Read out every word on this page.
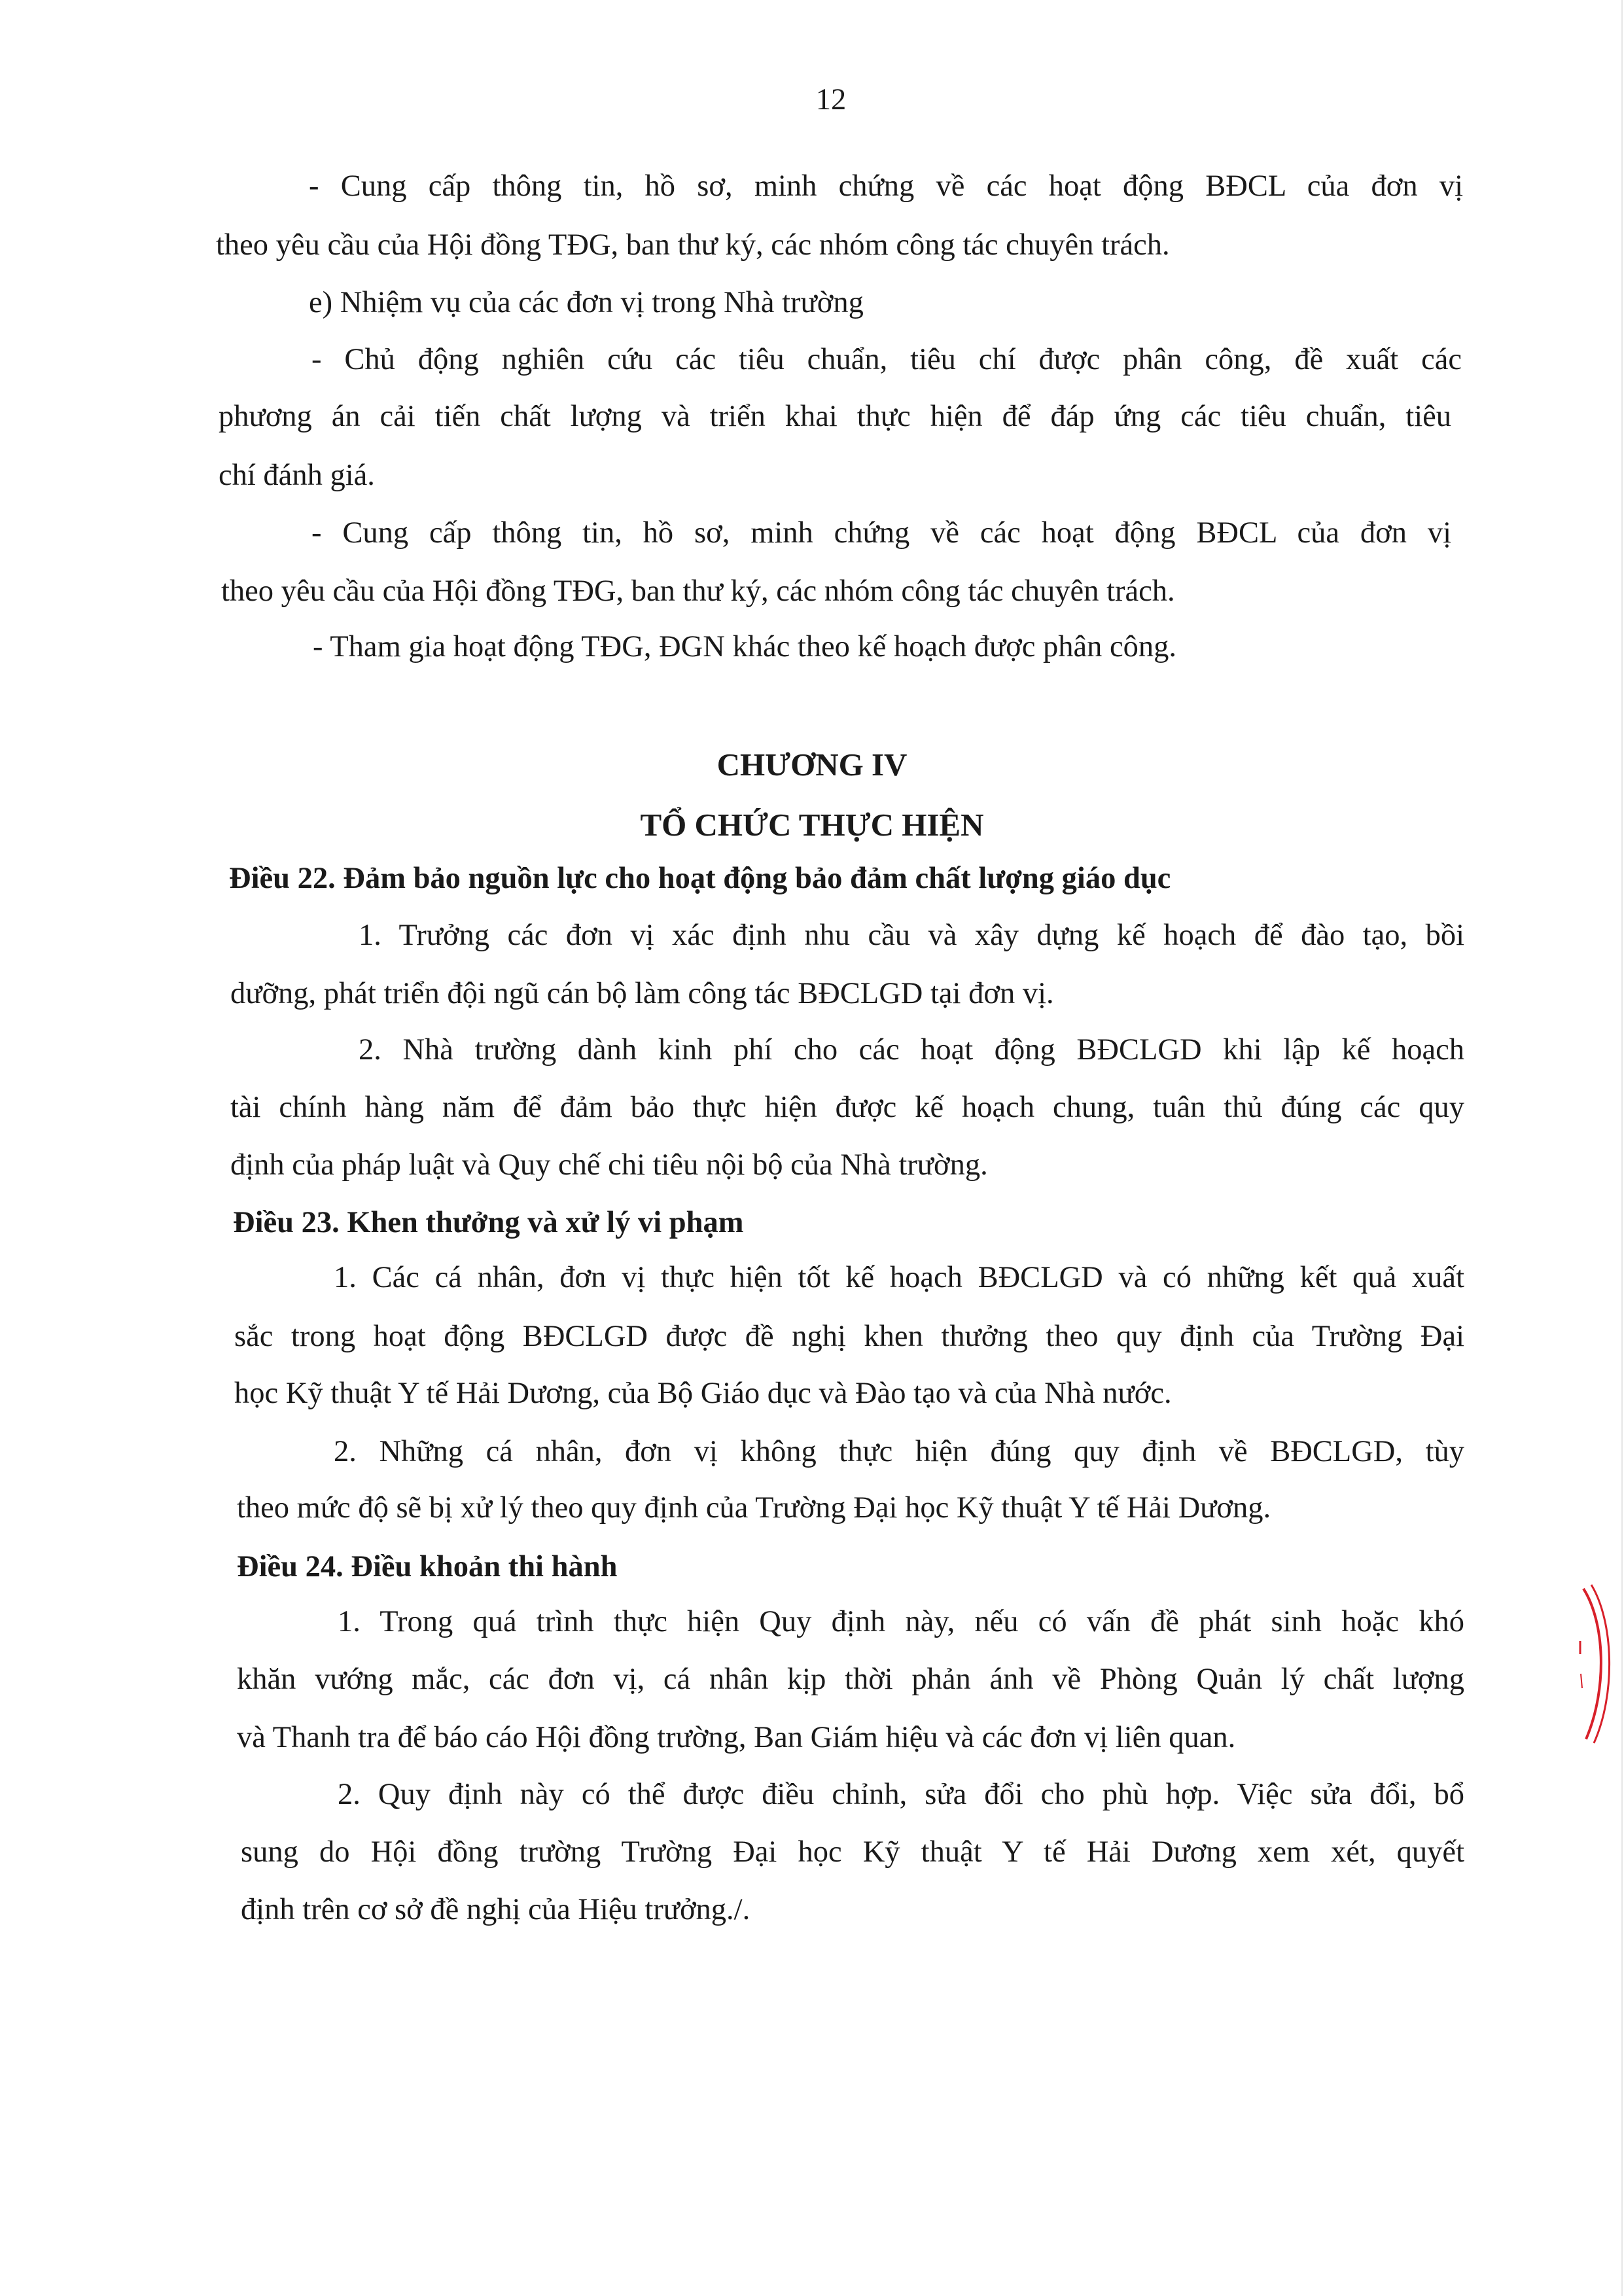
12
- Cung cấp thông tin, hồ sơ, minh chứng về các hoạt động BĐCL của đơn vị
theo yêu cầu của Hội đồng TĐG, ban thư ký, các nhóm công tác chuyên trách.
e) Nhiệm vụ của các đơn vị trong Nhà trường
- Chủ động nghiên cứu các tiêu chuẩn, tiêu chí được phân công, đề xuất các
phương án cải tiến chất lượng và triển khai thực hiện để đáp ứng các tiêu chuẩn, tiêu
chí đánh giá.
- Cung cấp thông tin, hồ sơ, minh chứng về các hoạt động BĐCL của đơn vị
theo yêu cầu của Hội đồng TĐG, ban thư ký, các nhóm công tác chuyên trách.
- Tham gia hoạt động TĐG, ĐGN khác theo kế hoạch được phân công.
CHƯƠNG IV
TỔ CHỨC THỰC HIỆN
Điều 22. Đảm bảo nguồn lực cho hoạt động bảo đảm chất lượng giáo dục
1. Trưởng các đơn vị xác định nhu cầu và xây dựng kế hoạch để đào tạo, bồi
dưỡng, phát triển đội ngũ cán bộ làm công tác BĐCLGD tại đơn vị.
2. Nhà trường dành kinh phí cho các hoạt động BĐCLGD khi lập kế hoạch
tài chính hàng năm để đảm bảo thực hiện được kế hoạch chung, tuân thủ đúng các quy
định của pháp luật và Quy chế chi tiêu nội bộ của Nhà trường.
Điều 23. Khen thưởng và xử lý vi phạm
1. Các cá nhân, đơn vị thực hiện tốt kế hoạch BĐCLGD và có những kết quả xuất
sắc trong hoạt động BĐCLGD được đề nghị khen thưởng theo quy định của Trường Đại
học Kỹ thuật Y tế Hải Dương, của Bộ Giáo dục và Đào tạo và của Nhà nước.
2. Những cá nhân, đơn vị không thực hiện đúng quy định về BĐCLGD, tùy
theo mức độ sẽ bị xử lý theo quy định của Trường Đại học Kỹ thuật Y tế Hải Dương.
Điều 24. Điều khoản thi hành
1. Trong quá trình thực hiện Quy định này, nếu có vấn đề phát sinh hoặc khó
khăn vướng mắc, các đơn vị, cá nhân kịp thời phản ánh về Phòng Quản lý chất lượng
và Thanh tra để báo cáo Hội đồng trường, Ban Giám hiệu và các đơn vị liên quan.
2. Quy định này có thể được điều chỉnh, sửa đổi cho phù hợp. Việc sửa đổi, bổ
sung do Hội đồng trường Trường Đại học Kỹ thuật Y tế Hải Dương xem xét, quyết
định trên cơ sở đề nghị của Hiệu trưởng./.
